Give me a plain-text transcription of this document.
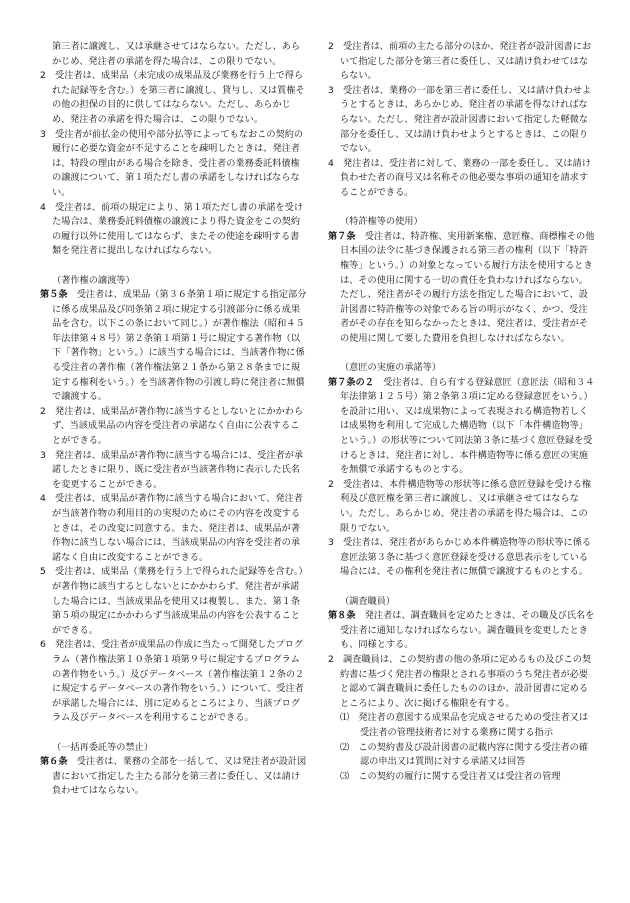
第三者に譲渡し、又は承継させてはならない。ただし、あらかじめ、発注者の承諾を得た場合は、この限りでない。

2　受注者は、成果品（未完成の成果品及び業務を行う上で得られた記録等を含む。）を第三者に譲渡し、貸与し、又は質権その他の担保の目的に供してはならない。ただし、あらかじめ、発注者の承諾を得た場合は、この限りでない。

3　受注者が前払金の使用や部分払等によってもなおこの契約の履行に必要な資金が不足することを疎明したときは、発注者は、特段の理由がある場合を除き、受注者の業務委託料債権の譲渡について、第１項ただし書の承諾をしなければならない。

4　受注者は、前項の規定により、第１項ただし書の承諾を受けた場合は、業務委託料債権の譲渡により得た資金をこの契約の履行以外に使用してはならず、またその使途を疎明する書類を発注者に提出しなければならない。

（著作権の譲渡等）

第５条　受注者は、成果品（第３６条第１項に規定する指定部分に係る成果品及び同条第２項に規定する引渡部分に係る成果品を含む。以下この条において同じ。）が著作権法（昭和４５年法律第４８号）第２条第１項第１号に規定する著作物（以下「著作物」という。）に該当する場合には、当該著作物に係る受注者の著作権（著作権法第２１条から第２８条までに規定する権利をいう。）を当該著作物の引渡し時に発注者に無償で譲渡する。

2　発注者は、成果品が著作物に該当するとしないとにかかわらず、当該成果品の内容を受注者の承諾なく自由に公表することができる。

3　発注者は、成果品が著作物に該当する場合には、受注者が承諾したときに限り、既に受注者が当該著作物に表示した氏名を変更することができる。

4　受注者は、成果品が著作物に該当する場合において、発注者が当該著作物の利用目的の実現のためにその内容を改変するときは、その改変に同意する。また、発注者は、成果品が著作物に該当しない場合には、当該成果品の内容を受注者の承諾なく自由に改変することができる。

5　受注者は、成果品（業務を行う上で得られた記録等を含む。）が著作物に該当するとしないとにかかわらず、発注者が承諾した場合には、当該成果品を使用又は複製し、また、第１条第５項の規定にかかわらず当該成果品の内容を公表することができる。

6　発注者は、受注者が成果品の作成に当たって開発したプログラム（著作権法第１０条第１項第９号に規定するプログラムの著作物をいう。）及びデータベース（著作権法第１２条の２に規定するデータベースの著作物をいう。）について、受注者が承諾した場合には、別に定めるところにより、当該プログラム及びデータベースを利用することができる。

（一括再委託等の禁止）

第６条　受注者は、業務の全部を一括して、又は発注者が設計図書において指定した主たる部分を第三者に委任し、又は請け負わせてはならない。

2　受注者は、前項の主たる部分のほか、発注者が設計図書において指定した部分を第三者に委任し、又は請け負わせてはならない。

3　受注者は、業務の一部を第三者に委任し、又は請け負わせようとするときは、あらかじめ、発注者の承諾を得なければならない。ただし、発注者が設計図書において指定した軽微な部分を委任し、又は請け負わせようとするときは、この限りでない。

4　発注者は、受注者に対して、業務の一部を委任し、又は請け負わせた者の商号又は名称その他必要な事項の通知を請求することができる。

（特許権等の使用）

第７条　受注者は、特許権、実用新案権、意匠権、商標権その他日本国の法令に基づき保護される第三者の権利（以下「特許権等」という。）の対象となっている履行方法を使用するときは、その使用に関する一切の責任を負わなければならない。ただし、発注者がその履行方法を指定した場合において、設計図書に特許権等の対象である旨の明示がなく、かつ、受注者がその存在を知らなかったときは、発注者は、受注者がその使用に関して要した費用を負担しなければならない。

（意匠の実施の承諾等）

第７条の２　受注者は、自ら有する登録意匠（意匠法（昭和３４年法律第１２５号）第２条第３項に定める登録意匠をいう。）を設計に用い、又は成果物によって表現される構造物若しくは成果物を利用して完成した構造物（以下「本件構造物等」という。）の形状等について同法第３条に基づく意匠登録を受けるときは、発注者に対し、本件構造物等に係る意匠の実施を無償で承諾するものとする。

2　受注者は、本件構造物等の形状等に係る意匠登録を受ける権利及び意匠権を第三者に譲渡し、又は承継させてはならない。ただし、あらかじめ、発注者の承諾を得た場合は、この限りでない。

3　受注者は、発注者があらかじめ本件構造物等の形状等に係る意匠法第３条に基づく意匠登録を受ける意思表示をしている場合には、その権利を発注者に無償で譲渡するものとする。

（調査職員）

第８条　発注者は、調査職員を定めたときは、その職及び氏名を受注者に通知しなければならない。調査職員を変更したときも、同様とする。

2　調査職員は、この契約書の他の条項に定めるもの及びこの契約書に基づく発注者の権限とされる事項のうち発注者が必要と認めて調査職員に委任したもののほか、設計図書に定めるところにより、次に掲げる権限を有する。

⑴　発注者の意図する成果品を完成させるための受注者又は受注者の管理技術者に対する業務に関する指示

⑵　この契約書及び設計図書の記載内容に関する受注者の確認の申出又は質問に対する承諾又は回答

⑶　この契約の履行に関する受注者又は受注者の管理
